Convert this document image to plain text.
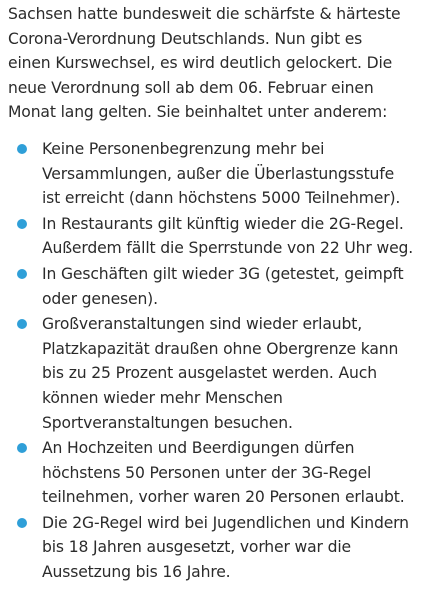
Sachsen hatte bundesweit die schärfste & härteste
Corona-Verordnung Deutschlands. Nun gibt es
einen Kurswechsel, es wird deutlich gelockert. Die
neue Verordnung soll ab dem 06. Februar einen
Monat lang gelten. Sie beinhaltet unter anderem:

Keine Personenbegrenzung mehr bei
Versammlungen, außer die Überlastungsstufe
ist erreicht (dann höchstens 5000 Teilnehmer).
In Restaurants gilt künftig wieder die 2G-Regel.
Außerdem fällt die Sperrstunde von 22 Uhr weg.
In Geschäften gilt wieder 3G (getestet, geimpft
oder genesen).
Großveranstaltungen sind wieder erlaubt,
Platzkapazität draußen ohne Obergrenze kann
bis zu 25 Prozent ausgelastet werden. Auch
können wieder mehr Menschen
Sportveranstaltungen besuchen.
An Hochzeiten und Beerdigungen dürfen
höchstens 50 Personen unter der 3G-Regel
teilnehmen, vorher waren 20 Personen erlaubt.
Die 2G-Regel wird bei Jugendlichen und Kindern
bis 18 Jahren ausgesetzt, vorher war die
Aussetzung bis 16 Jahre.
